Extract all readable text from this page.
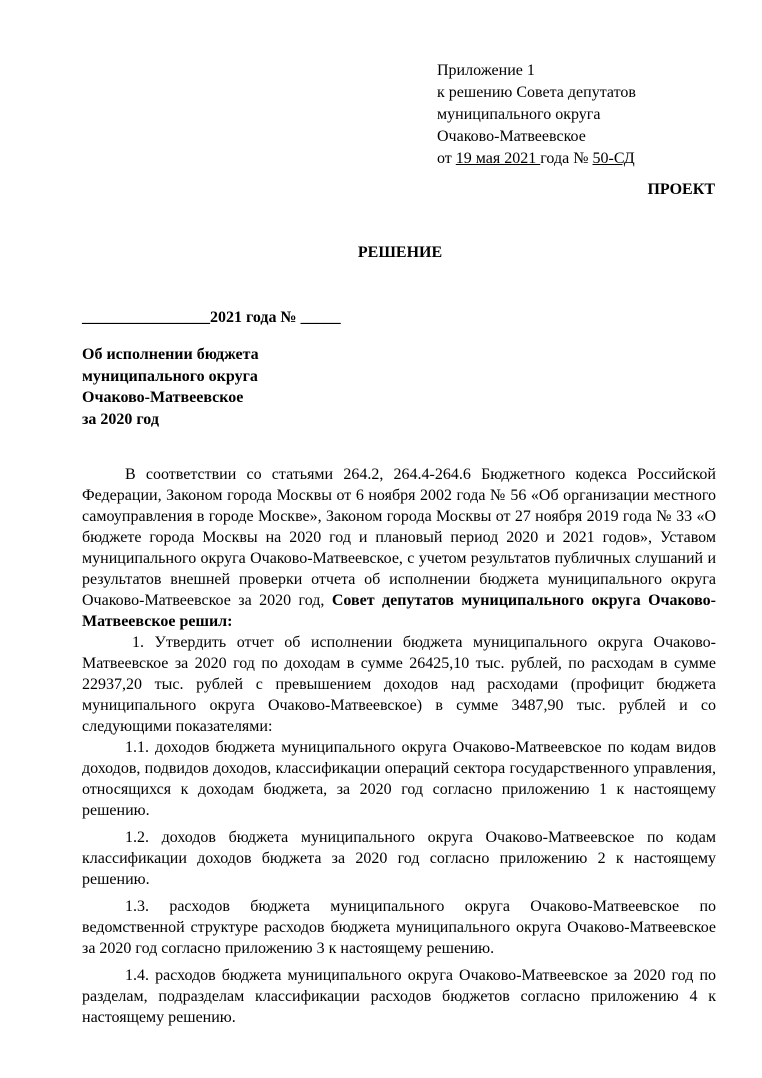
Приложение 1
к решению Совета депутатов
муниципального округа
Очаково-Матвеевское
от 19 мая 2021 года № 50-СД
ПРОЕКТ
РЕШЕНИЕ
________________2021 года № _____
Об исполнении бюджета
муниципального округа
Очаково-Матвеевское
за 2020 год

В соответствии со статьями 264.2, 264.4-264.6 Бюджетного кодекса Российской Федерации, Законом города Москвы от 6 ноября 2002 года № 56 «Об организации местного самоуправления в городе Москве», Законом города Москвы от 27 ноября 2019 года № 33 «О бюджете города Москвы на 2020 год и плановый период 2020 и 2021 годов», Уставом муниципального округа Очаково-Матвеевское, с учетом результатов публичных слушаний и результатов внешней проверки отчета об исполнении бюджета муниципального округа Очаково-Матвеевское за 2020 год, Совет депутатов муниципального округа Очаково-Матвеевское решил:

1. Утвердить отчет об исполнении бюджета муниципального округа Очаково-Матвеевское за 2020 год по доходам в сумме 26425,10 тыс. рублей, по расходам в сумме 22937,20 тыс. рублей с превышением доходов над расходами (профицит бюджета муниципального округа Очаково-Матвеевское) в сумме 3487,90 тыс. рублей и со следующими показателями:

1.1. доходов бюджета муниципального округа Очаково-Матвеевское по кодам видов доходов, подвидов доходов, классификации операций сектора государственного управления, относящихся к доходам бюджета, за 2020 год согласно приложению 1 к настоящему решению.

1.2. доходов бюджета муниципального округа Очаково-Матвеевское по кодам классификации доходов бюджета за 2020 год согласно приложению 2 к настоящему решению.

1.3. расходов бюджета муниципального округа Очаково-Матвеевское по ведомственной структуре расходов бюджета муниципального округа Очаково-Матвеевское за 2020 год согласно приложению 3 к настоящему решению.

1.4. расходов бюджета муниципального округа Очаково-Матвеевское за 2020 год по разделам, подразделам классификации расходов бюджетов согласно приложению 4 к настоящему решению.
